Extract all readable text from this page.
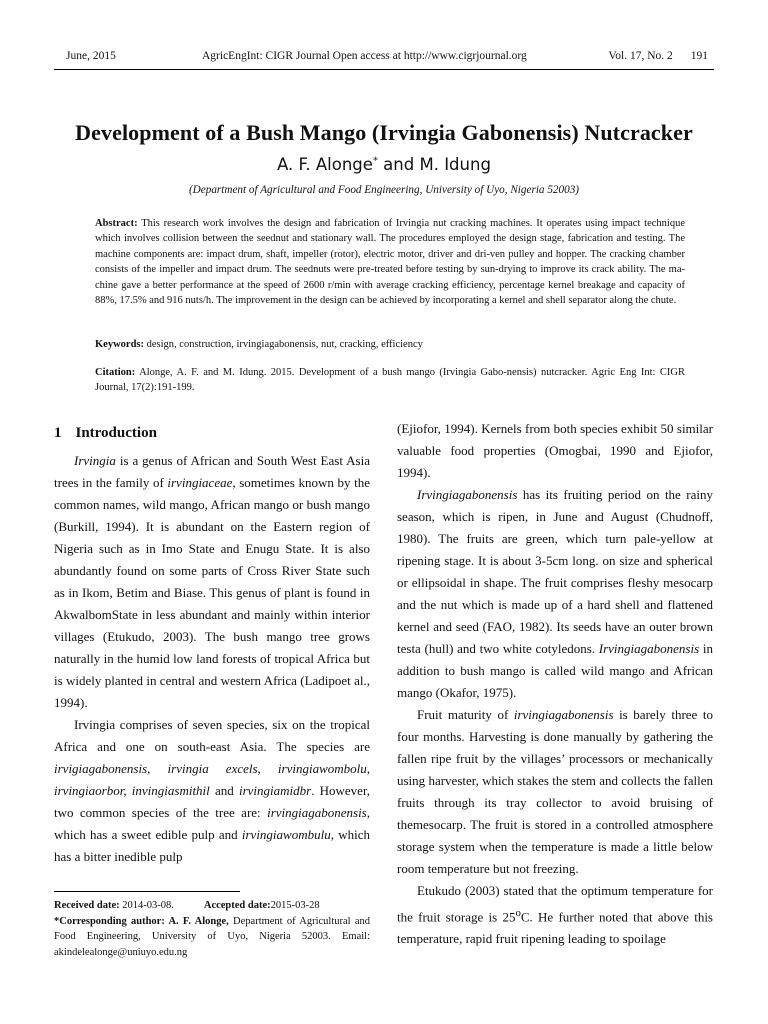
June, 2015	AgricEngInt: CIGR Journal Open access at http://www.cigrjournal.org	Vol. 17, No. 2 191
Development of a Bush Mango (Irvingia Gabonensis) Nutcracker
A. F. Alonge* and M. Idung
(Department of Agricultural and Food Engineering, University of Uyo, Nigeria 52003)
Abstract: This research work involves the design and fabrication of Irvingia nut cracking machines. It operates using impact technique which involves collision between the seednut and stationary wall. The procedures employed the design stage, fabrication and testing. The machine components are: impact drum, shaft, impeller (rotor), electric motor, driver and dri-ven pulley and hopper. The cracking chamber consists of the impeller and impact drum. The seednuts were pre-treated before testing by sun-drying to improve its crack ability. The ma-chine gave a better performance at the speed of 2600 r/min with average cracking efficiency, percentage kernel breakage and capacity of 88%, 17.5% and 916 nuts/h. The improvement in the design can be achieved by incorporating a kernel and shell separator along the chute.
Keywords: design, construction, irvingiagabonensis, nut, cracking, efficiency
Citation: Alonge, A. F. and M. Idung. 2015. Development of a bush mango (Irvingia Gabo-nensis) nutcracker. Agric Eng Int: CIGR Journal, 17(2):191-199.
1 Introduction

Irvingia is a genus of African and South West East Asia trees in the family of irvingiaceae, sometimes known by the common names, wild mango, African mango or bush mango (Burkill, 1994). It is abundant on the Eastern region of Nigeria such as in Imo State and Enugu State. It is also abundantly found on some parts of Cross River State such as in Ikom, Betim and Biase. This genus of plant is found in AkwalbomState in less abundant and mainly within interior villages (Etukudo, 2003). The bush mango tree grows naturally in the humid low land forests of tropical Africa but is widely planted in central and western Africa (Ladipoet al., 1994).

Irvingia comprises of seven species, six on the tropical Africa and one on south-east Asia. The species are irvigiagabonensis, irvingia excels, irvingiawombolu, irvingiaorbor, invingiasmithil and irvingiamidbr. However, two common species of the tree are: irvingiagabonensis, which has a sweet edible pulp and irvingiawombulu, which has a bitter inedible pulp

(Ejiofor, 1994). Kernels from both species exhibit 50 similar valuable food properties (Omogbai, 1990 and Ejiofor, 1994).

Irvingiagabonensis has its fruiting period on the rainy season, which is ripen, in June and August (Chudnoff, 1980). The fruits are green, which turn pale-yellow at ripening stage. It is about 3-5cm long. on size and spherical or ellipsoidal in shape. The fruit comprises fleshy mesocarp and the nut which is made up of a hard shell and flattened kernel and seed (FAO, 1982). Its seeds have an outer brown testa (hull) and two white cotyledons. Irvingiagabonensis in addition to bush mango is called wild mango and African mango (Okafor, 1975).

Fruit maturity of irvingiagabonensis is barely three to four months. Harvesting is done manually by gathering the fallen ripe fruit by the villages’ processors or mechanically using harvester, which stakes the stem and collects the fallen fruits through its tray collector to avoid bruising of themesocarp. The fruit is stored in a controlled atmosphere storage system when the temperature is made a little below room temperature but not freezing.

Etukudo (2003) stated that the optimum temperature for the fruit storage is 25$^o$C. He further noted that above this temperature, rapid fruit ripening leading to spoilage

Received date: 2014-03-08.	Accepted date:2015-03-28
*Corresponding author: A. F. Alonge, Department of Agricultural and Food Engineering, University of Uyo, Nigeria 52003. Email: akindelealonge@uniuyo.edu.ng
